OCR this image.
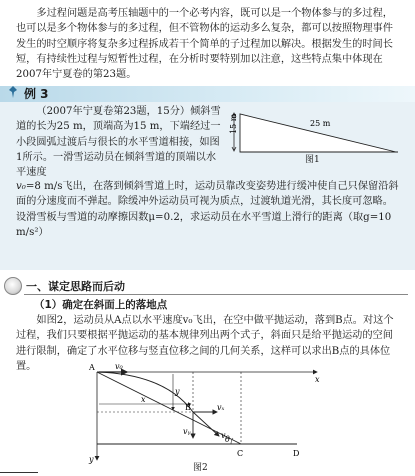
多过程问题是高考压轴题中的一个必考内容，既可以是一个物体参与的多过程，也可以是多个物体参与的多过程，但不管物体的运动多么复杂，都可以按照物理事件发生的时空顺序将复杂多过程拆成若干个简单的子过程加以解决。根据发生的时间长短，有持续性过程与短暂性过程，在分析时要特别加以注意，这些特点集中体现在2007年宁夏卷的第23题。
例 3
（2007年宁夏卷第23题，15分）倾斜雪道的长为25 m，顶端高为15 m，下端经过一小段圆弧过渡后与很长的水平雪道相接，如图1所示。一滑雪运动员在倾斜雪道的顶端以水平速度
v₀=8 m/s飞出，在落到倾斜雪道上时，运动员靠改变姿势进行缓冲使自己只保留沿斜面的分速度而不弹起。除缓冲外运动员可视为质点，过渡轨道光滑，其长度可忽略。设滑雪板与雪道的动摩擦因数μ=0.2，求运动员在水平雪道上滑行的距离（取g=10 m/s²）
15 m	25 m
图1
一、谋定思路而后动
（1）确定在斜面上的落地点
如图2，运动员从A点以水平速度v₀飞出，在空中做平抛运动，落到B点。对这个过程，我们只要根据平抛运动的基本规律列出两个式子，斜面只是给平抛运动的空间进行限制，确定了水平位移与竖直位移之间的几何关系，这样可以求出B点的具体位置。	A
B
C	D
x
y
v₀
x
y
vₓ
vᵧ	v θ
图2
